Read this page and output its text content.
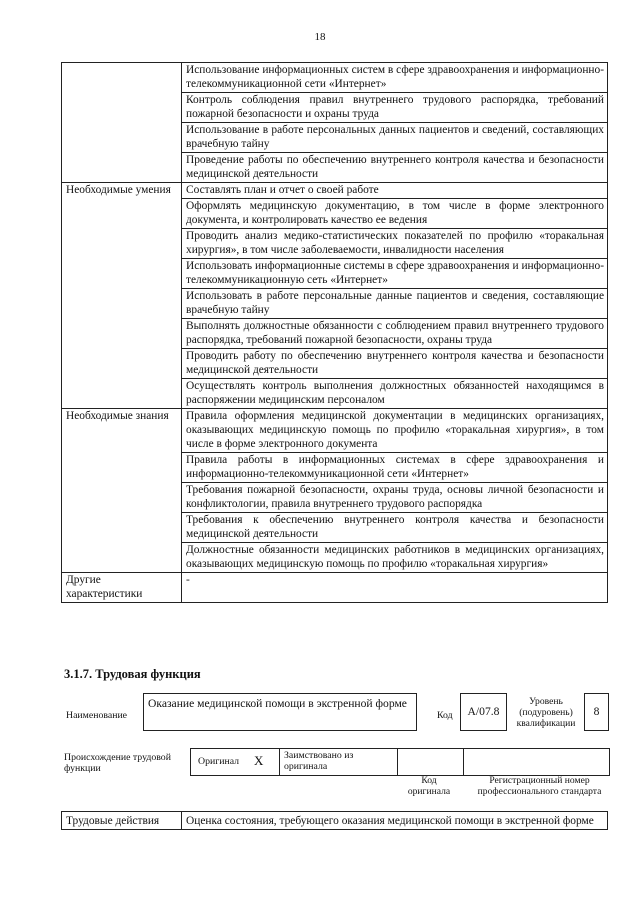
18
	Использование информационных систем в сфере здравоохранения и информационно-телекоммуникационной сети «Интернет»
	Контроль соблюдения правил внутреннего трудового распорядка, требований пожарной безопасности и охраны труда
	Использование в работе персональных данных пациентов и сведений, составляющих врачебную тайну
	Проведение работы по обеспечению внутреннего контроля качества и безопасности медицинской деятельности
Необходимые умения	Составлять план и отчет о своей работе
	Оформлять медицинскую документацию, в том числе в форме электронного документа, и контролировать качество ее ведения
	Проводить анализ медико-статистических показателей по профилю «торакальная хирургия», в том числе заболеваемости, инвалидности населения
	Использовать информационные системы в сфере здравоохранения и информационно-телекоммуникационную сеть «Интернет»
	Использовать в работе персональные данные пациентов и сведения, составляющие врачебную тайну
	Выполнять должностные обязанности с соблюдением правил внутреннего трудового распорядка, требований пожарной безопасности, охраны труда
	Проводить работу по обеспечению внутреннего контроля качества и безопасности медицинской деятельности
	Осуществлять контроль выполнения должностных обязанностей находящимся в распоряжении медицинским персоналом
Необходимые знания	Правила оформления медицинской документации в медицинских организациях, оказывающих медицинскую помощь по профилю «торакальная хирургия», в том числе в форме электронного документа
	Правила работы в информационных системах в сфере здравоохранения и информационно-телекоммуникационной сети «Интернет»
	Требования пожарной безопасности, охраны труда, основы личной безопасности и конфликтологии, правила внутреннего трудового распорядка
	Требования к обеспечению внутреннего контроля качества и безопасности медицинской деятельности
	Должностные обязанности медицинских работников в медицинских организациях, оказывающих медицинскую помощь по профилю «торакальная хирургия»
Другие характеристики	-
3.1.7. Трудовая функция
Наименование
Оказание медицинской помощи в экстренной форме
Код	A/07.8
Уровень (подуровень) квалификации
8
Происхождение трудовой функции
Оригинал X Заимствовано из оригинала
Код оригинала
Регистрационный номер профессионального стандарта
Трудовые действия	Оценка состояния, требующего оказания медицинской помощи в экстренной форме
